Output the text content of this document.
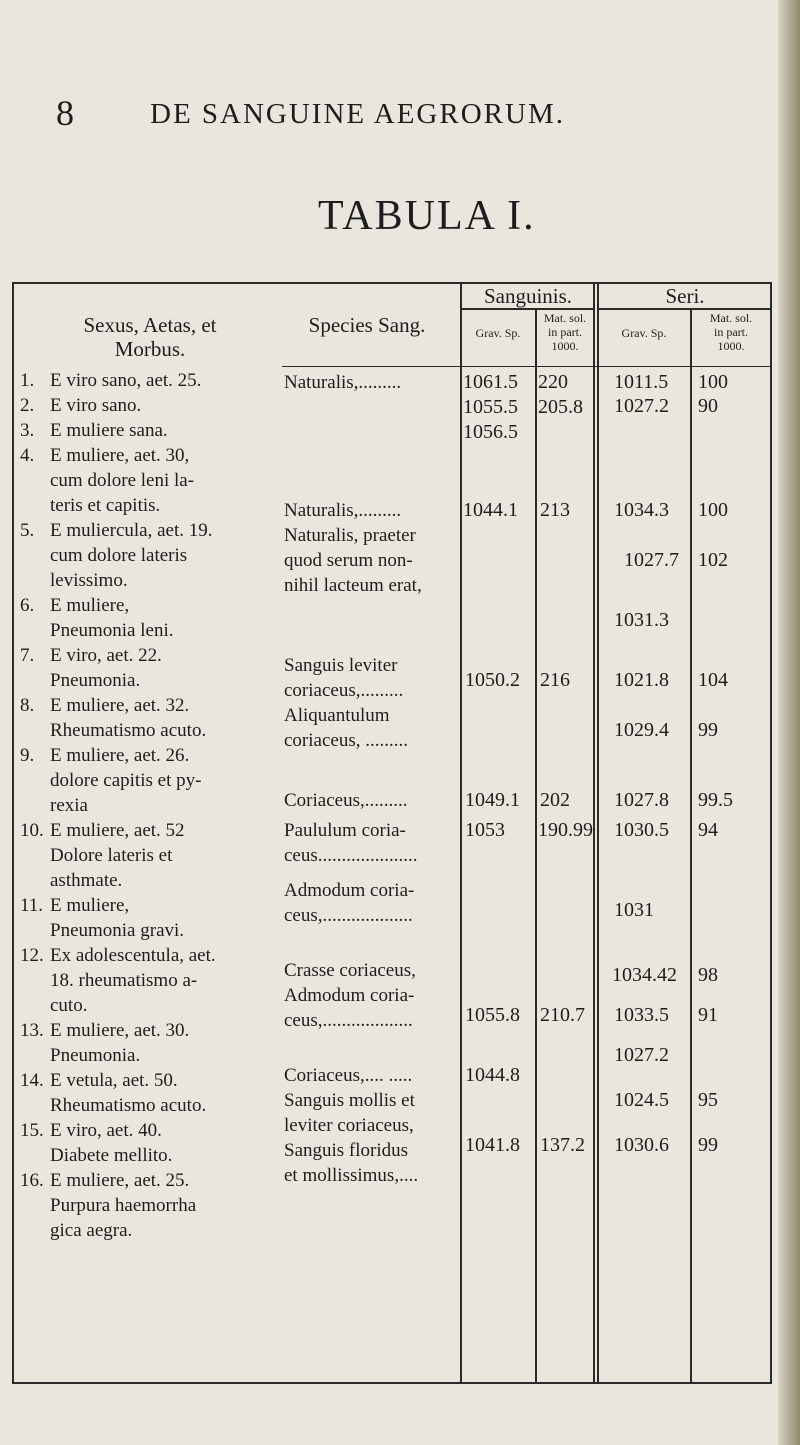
8	DE SANGUINE AEGRORUM.
TABULA I.
Sexus, Aetas, et
Morbus.
Species Sang.
Sanguinis.
Grav. Sp.
Mat. sol.
in part.
1000.
Seri.
Grav. Sp.
Mat. sol.
in part.
1000.
1. E viro sano, aet. 25.
2. E viro sano.
3. E muliere sana.
4. E muliere, aet. 30,
cum dolore leni la-
teris et capitis.
5. E muliercula, aet. 19.
cum dolore lateris
levissimo.
6. E muliere,
Pneumonia leni.
7. E viro, aet. 22.
Pneumonia.
8. E muliere, aet. 32.
Rheumatismo acuto.
9. E muliere, aet. 26.
dolore capitis et py-
rexia
10. E muliere, aet. 52
Dolore lateris et
asthmate.
11. E muliere,
Pneumonia gravi.
12. Ex adolescentula, aet.
18. rheumatismo a-
cuto.
13. E muliere, aet. 30.
Pneumonia.
14. E vetula, aet. 50.
Rheumatismo acuto.
15. E viro, aet. 40.
Diabete mellito.
16. E muliere, aet. 25.
Purpura haemorrha
gica aegra.
Naturalis,.........
Naturalis,.........
Naturalis, praeter
quod serum non-
nihil lacteum erat,
Sanguis leviter
coriaceus,.........
Aliquantulum
coriaceus, .........
Coriaceus,.........
Paululum coria-
ceus.....................
Admodum coria-
ceus,...................
Crasse coriaceus,
Admodum coria-
ceus,...................
Coriaceus,.... .....
Sanguis mollis et
leviter coriaceus,
Sanguis floridus
et mollissimus,....
1061.5
1055.5
1056.5
1044.1
1050.2
1049.1
1053
1055.8
1044.8
1041.8
220
205.8
213
216
202
190.99
210.7
137.2
1011.5
1027.2
1034.3
1027.7
1031.3
1021.8
1029.4
1027.8
1030.5
1031
1034.42
1033.5
1027.2
1024.5
1030.6
100
90
100
102
104
99
99.5
94
98
91
95
99
